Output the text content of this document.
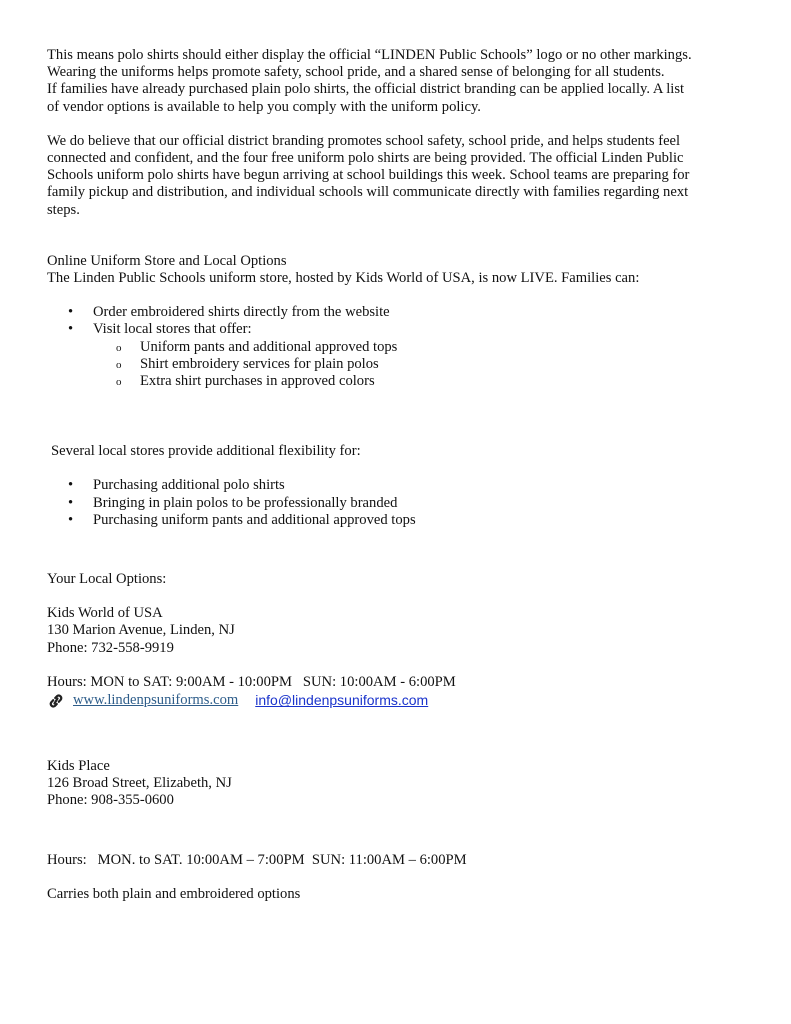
This means polo shirts should either display the official “LINDEN Public Schools” logo or no other markings.

Wearing the uniforms helps promote safety, school pride, and a shared sense of belonging for all students.

If families have already purchased plain polo shirts, the official district branding can be applied locally. A list

of vendor options is available to help you comply with the uniform policy.

We do believe that our official district branding promotes school safety, school pride, and helps students feel

connected and confident, and the four free uniform polo shirts are being provided. The official Linden Public

Schools uniform polo shirts have begun arriving at school buildings this week. School teams are preparing for

family pickup and distribution, and individual schools will communicate directly with families regarding next

steps.

Online Uniform Store and Local Options

The Linden Public Schools uniform store, hosted by Kids World of USA, is now LIVE. Families can:

• Order embroidered shirts directly from the website
• Visit local stores that offer:
o Uniform pants and additional approved tops
o Shirt embroidery services for plain polos
o Extra shirt purchases in approved colors

Several local stores provide additional flexibility for:

• Purchasing additional polo shirts
• Bringing in plain polos to be professionally branded
• Purchasing uniform pants and additional approved tops

Your Local Options:

Kids World of USA

130 Marion Avenue, Linden, NJ

Phone: 732-558-9919

Hours: MON to SAT: 9:00AM - 10:00PM   SUN: 10:00AM - 6:00PM

www.lindenpsuniforms.com info@lindenpsuniforms.com

Kids Place

126 Broad Street, Elizabeth, NJ

Phone: 908-355-0600

Hours:   MON. to SAT. 10:00AM – 7:00PM  SUN: 11:00AM – 6:00PM

Carries both plain and embroidered options
